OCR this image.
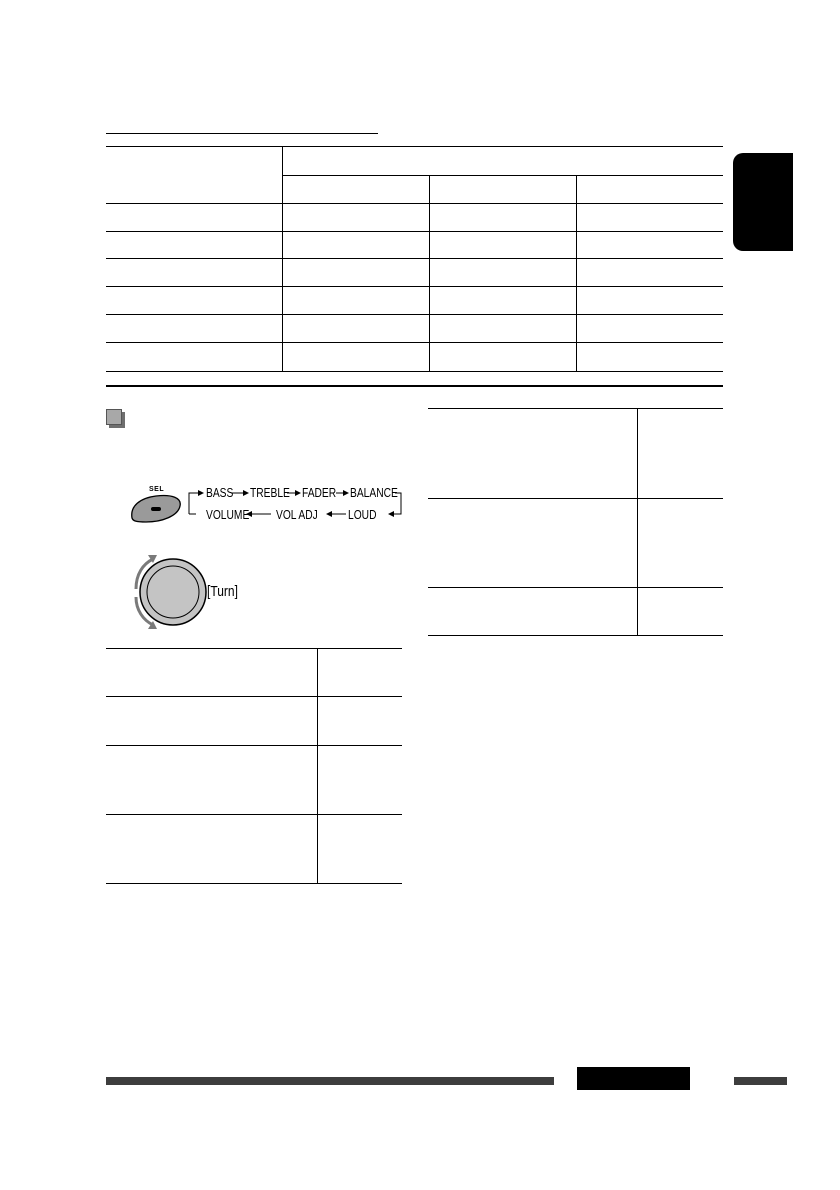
SEL	BASS TREBLE FADER BALANCE
VOLUME VOL ADJ LOUD
[Turn]
